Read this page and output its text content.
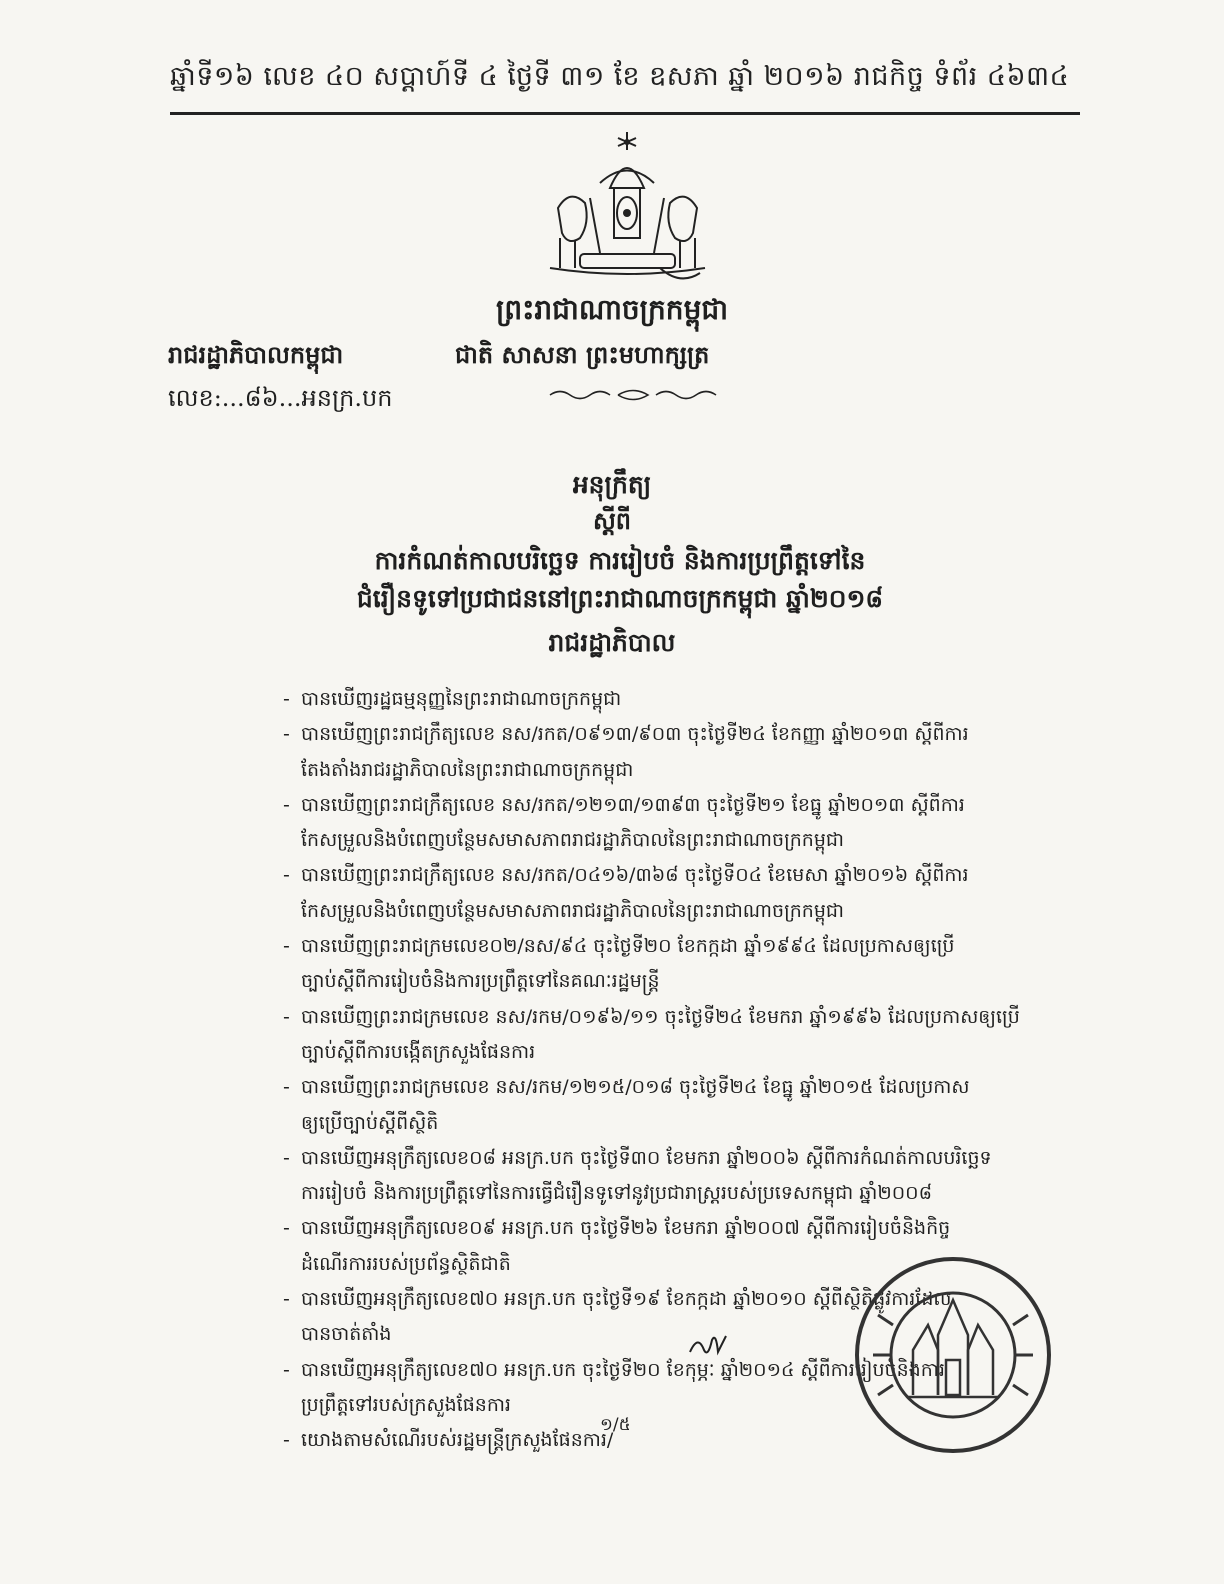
ឆ្នាំទី១៦ លេខ ៤០ សប្តាហ៍ទី ៤ ថ្ងៃទី ៣១ ខែ ឧសភា ឆ្នាំ ២០១៦ រាជកិច្ច ទំព័រ ៤៦៣៤
ព្រះរាជាណាចក្រកម្ពុជា
រាជរដ្ឋាភិបាលកម្ពុជា	ជាតិ សាសនា ព្រះមហាក្សត្រ
លេខ:...៨៦...អនក្រ.បក
អនុក្រឹត្យ
ស្តីពី
ការកំណត់កាលបរិច្ឆេទ ការរៀបចំ និងការប្រព្រឹត្តទៅនៃ
ជំរឿនទូទៅប្រជាជននៅព្រះរាជាណាចក្រកម្ពុជា ឆ្នាំ២០១៨
រាជរដ្ឋាភិបាល
- បានឃើញរដ្ឋធម្មនុញ្ញនៃព្រះរាជាណាចក្រកម្ពុជា
- បានឃើញព្រះរាជក្រឹត្យលេខ នស/រកត/០៩១៣/៩០៣ ចុះថ្ងៃទី២៤ ខែកញ្ញា ឆ្នាំ២០១៣ ស្តីពីការ
តែងតាំងរាជរដ្ឋាភិបាលនៃព្រះរាជាណាចក្រកម្ពុជា
- បានឃើញព្រះរាជក្រឹត្យលេខ នស/រកត/១២១៣/១៣៩៣ ចុះថ្ងៃទី២១ ខែធ្នូ ឆ្នាំ២០១៣ ស្តីពីការ
កែសម្រួលនិងបំពេញបន្ថែមសមាសភាពរាជរដ្ឋាភិបាលនៃព្រះរាជាណាចក្រកម្ពុជា
- បានឃើញព្រះរាជក្រឹត្យលេខ នស/រកត/០៤១៦/៣៦៨ ចុះថ្ងៃទី០៤ ខែមេសា ឆ្នាំ២០១៦ ស្តីពីការ
កែសម្រួលនិងបំពេញបន្ថែមសមាសភាពរាជរដ្ឋាភិបាលនៃព្រះរាជាណាចក្រកម្ពុជា
- បានឃើញព្រះរាជក្រមលេខ០២/នស/៩៤ ចុះថ្ងៃទី២០ ខែកក្កដា ឆ្នាំ១៩៩៤ ដែលប្រកាសឲ្យប្រើ
ច្បាប់ស្តីពីការរៀបចំនិងការប្រព្រឹត្តទៅនៃគណៈរដ្ឋមន្ត្រី
- បានឃើញព្រះរាជក្រមលេខ នស/រកម/០១៩៦/១១ ចុះថ្ងៃទី២៤ ខែមករា ឆ្នាំ១៩៩៦ ដែលប្រកាសឲ្យប្រើ
ច្បាប់ស្តីពីការបង្កើតក្រសួងផែនការ
- បានឃើញព្រះរាជក្រមលេខ នស/រកម/១២១៥/០១៨ ចុះថ្ងៃទី២៤ ខែធ្នូ ឆ្នាំ២០១៥ ដែលប្រកាស
ឲ្យប្រើច្បាប់ស្តីពីស្ថិតិ
- បានឃើញអនុក្រឹត្យលេខ០៨ អនក្រ.បក ចុះថ្ងៃទី៣០ ខែមករា ឆ្នាំ២០០៦ ស្តីពីការកំណត់កាលបរិច្ឆេទ
ការរៀបចំ និងការប្រព្រឹត្តទៅនៃការធ្វើជំរឿនទូទៅនូវប្រជារាស្ត្ររបស់ប្រទេសកម្ពុជា ឆ្នាំ២០០៨
- បានឃើញអនុក្រឹត្យលេខ០៩ អនក្រ.បក ចុះថ្ងៃទី២៦ ខែមករា ឆ្នាំ២០០៧ ស្តីពីការរៀបចំនិងកិច្ច
ដំណើរការរបស់ប្រព័ន្ធស្ថិតិជាតិ
- បានឃើញអនុក្រឹត្យលេខ៧០ អនក្រ.បក ចុះថ្ងៃទី១៩ ខែកក្កដា ឆ្នាំ២០១០ ស្តីពីស្ថិតិផ្លូវការដែល
បានចាត់តាំង
- បានឃើញអនុក្រឹត្យលេខ៧០ អនក្រ.បក ចុះថ្ងៃទី២០ ខែកុម្ភៈ ឆ្នាំ២០១៤ ស្តីពីការរៀបចំនិងការ
ប្រព្រឹត្តទៅរបស់ក្រសួងផែនការ
- យោងតាមសំណើរបស់រដ្ឋមន្ត្រីក្រសួងផែនការ/
១/៥
